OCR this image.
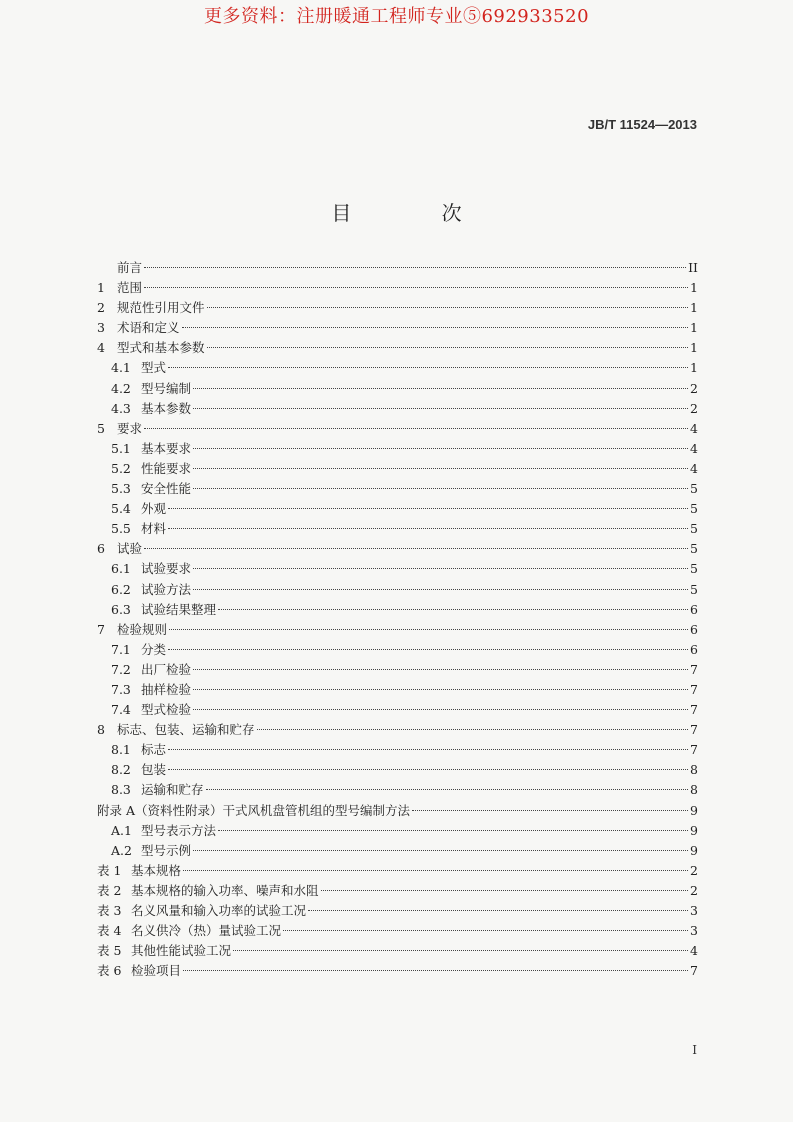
更多资料：注册暖通工程师专业⑤692933520
JB/T 11524—2013
目 次
前言	II
1 范围	1
2 规范性引用文件	1
3 术语和定义	1
4 型式和基本参数	1
4.1 型式	1
4.2 型号编制	2
4.3 基本参数	2
5 要求	4
5.1 基本要求	4
5.2 性能要求	4
5.3 安全性能	5
5.4 外观	5
5.5 材料	5
6 试验	5
6.1 试验要求	5
6.2 试验方法	5
6.3 试验结果整理	6
7 检验规则	6
7.1 分类	6
7.2 出厂检验	7
7.3 抽样检验	7
7.4 型式检验	7
8 标志、包装、运输和贮存	7
8.1 标志	7
8.2 包装	8
8.3 运输和贮存	8
附录 A（资料性附录）干式风机盘管机组的型号编制方法	9
A.1 型号表示方法	9
A.2 型号示例	9
表 1 基本规格	2
表 2 基本规格的输入功率、噪声和水阻	2
表 3 名义风量和输入功率的试验工况	3
表 4 名义供冷（热）量试验工况	3
表 5 其他性能试验工况	4
表 6 检验项目	7
I
